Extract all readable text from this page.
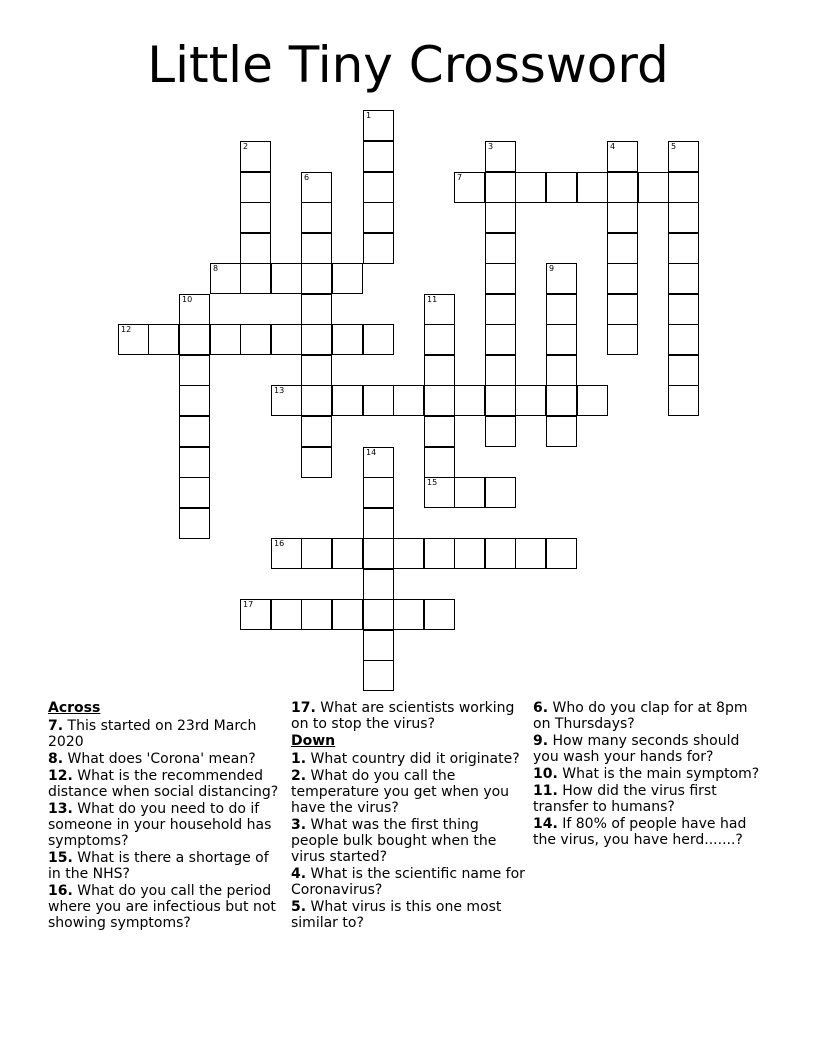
Little Tiny Crossword
1
2	3	4	5
6	7
8	9
10	11
12
13
14
15
16
17
Across
7. This started on 23rd March 2020
8. What does 'Corona' mean?
12. What is the recommended distance when social distancing?
13. What do you need to do if someone in your household has symptoms?
15. What is there a shortage of in the NHS?
16. What do you call the period where you are infectious but not showing symptoms?
17. What are scientists working on to stop the virus?
Down
1. What country did it originate?
2. What do you call the temperature you get when you have the virus?
3. What was the first thing people bulk bought when the virus started?
4. What is the scientific name for Coronavirus?
5. What virus is this one most similar to?
6. Who do you clap for at 8pm on Thursdays?
9. How many seconds should you wash your hands for?
10. What is the main symptom?
11. How did the virus first transfer to humans?
14. If 80% of people have had the virus, you have herd.......?
